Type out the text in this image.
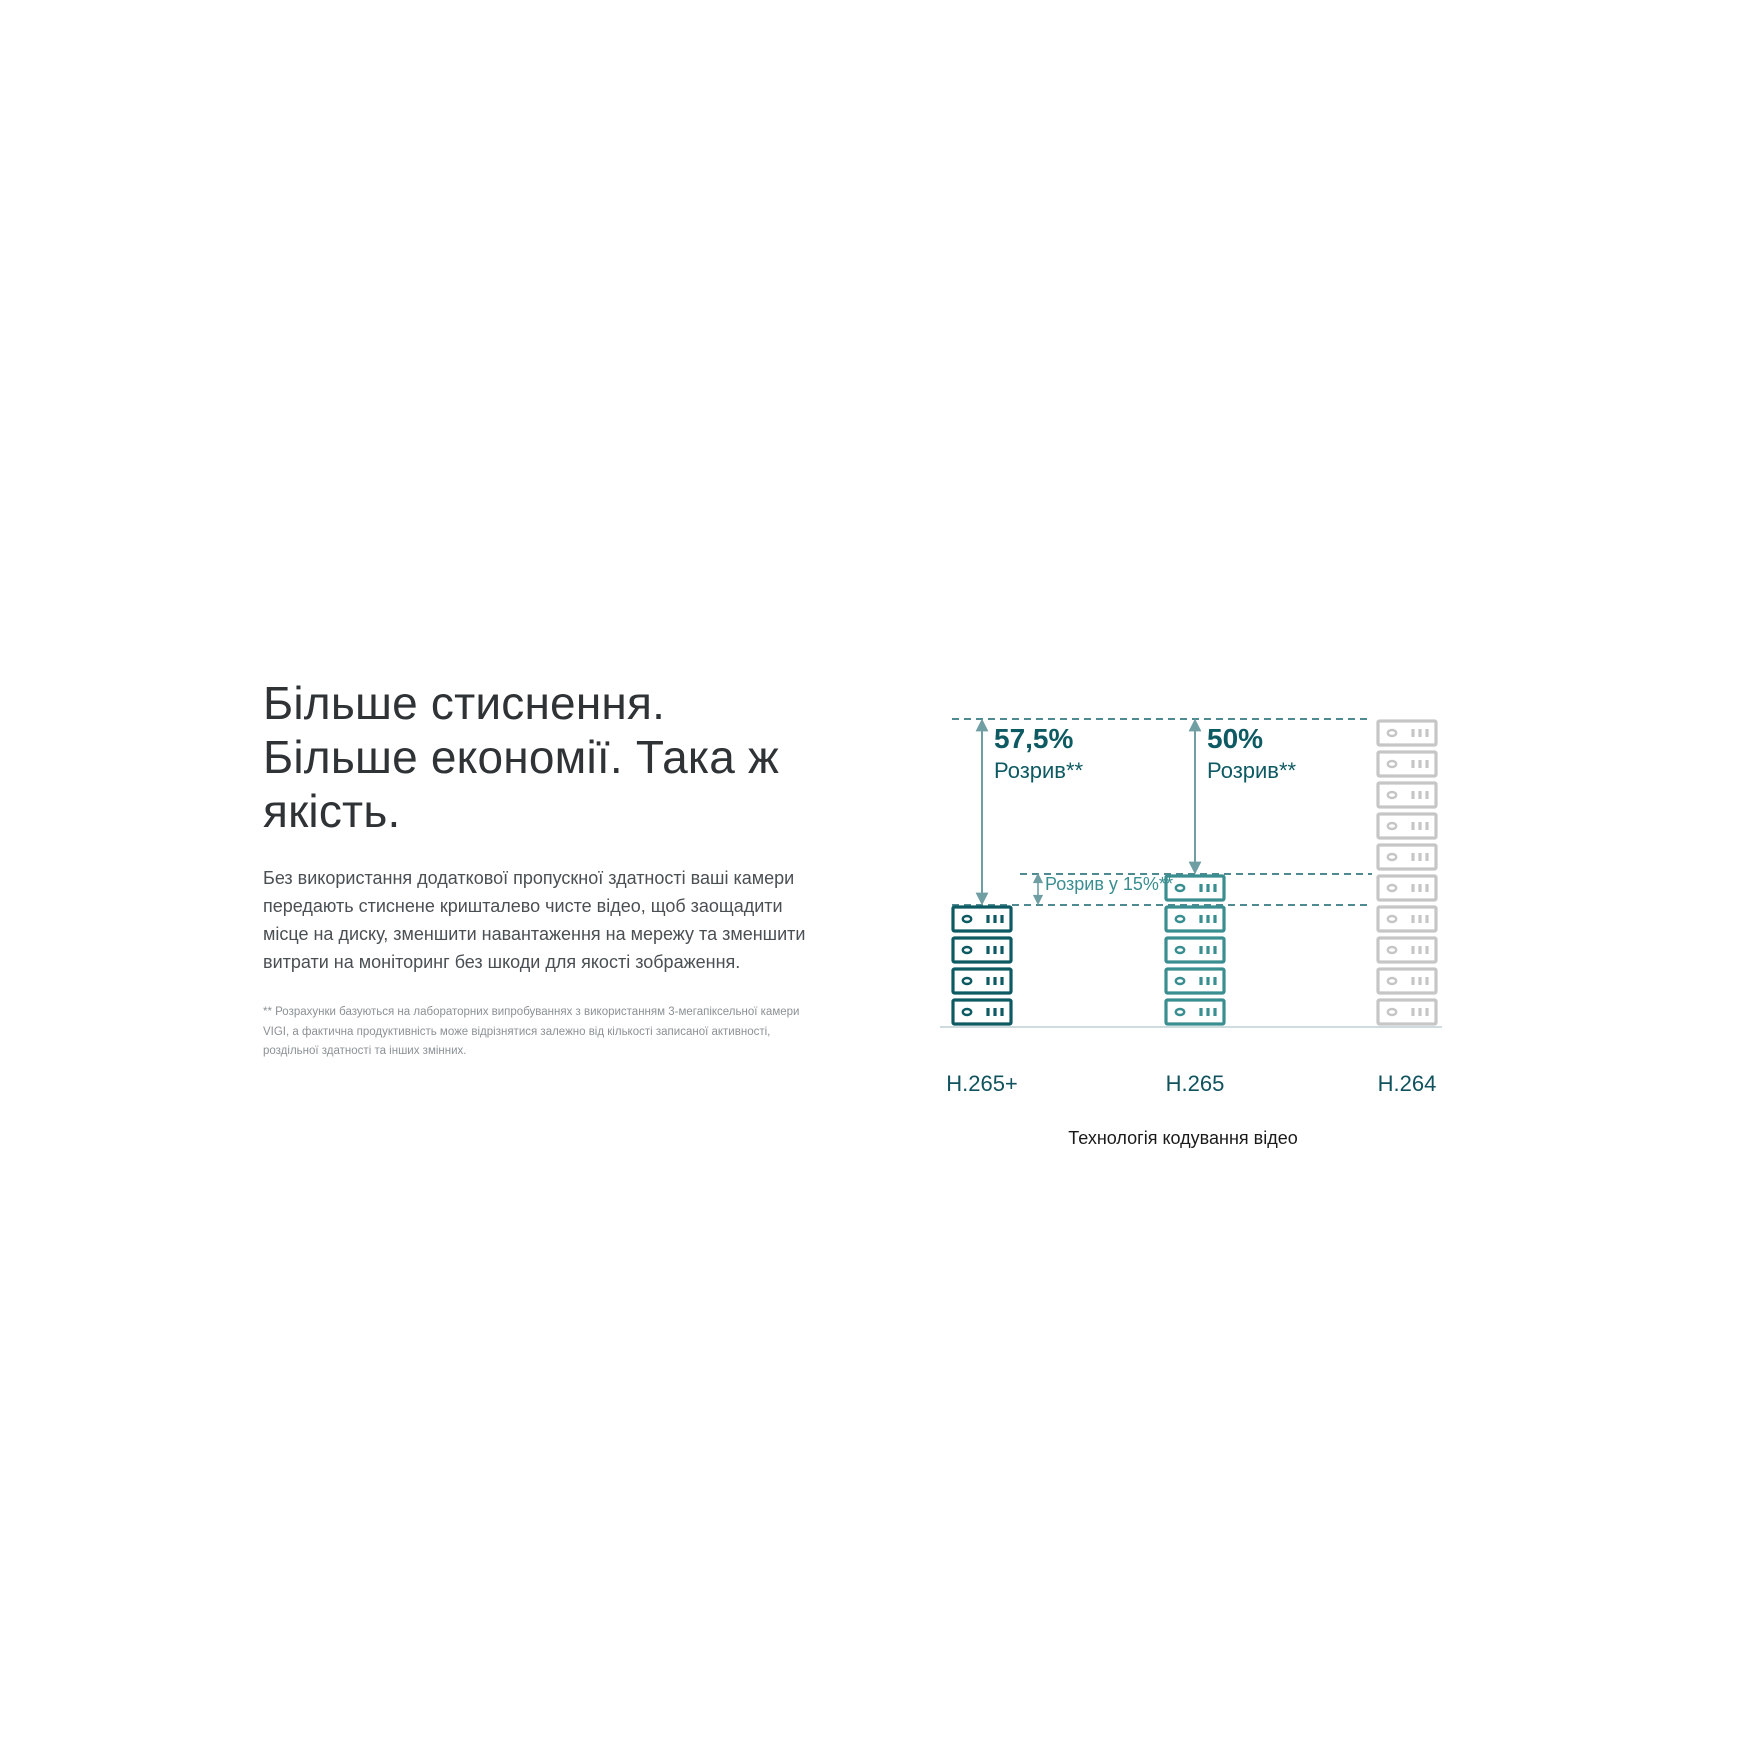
Більше стиснення.
Більше економії. Така ж
якість.

Без використання додаткової пропускної здатності ваші камери передають стиснене кришталево чисте відео, щоб заощадити місце на диску, зменшити навантаження на мережу та зменшити витрати на моніторинг без шкоди для якості зображення.

** Розрахунки базуються на лабораторних випробуваннях з використанням 3-мегапіксельної камери VIGI, а фактична продуктивність може відрізнятися залежно від кількості записаної активності, роздільної здатності та інших змінних.

57,5%
Розрив**
50%
Розрив**
Розрив у 15%**
H.265+	H.265	H.264
Технологія кодування відео
